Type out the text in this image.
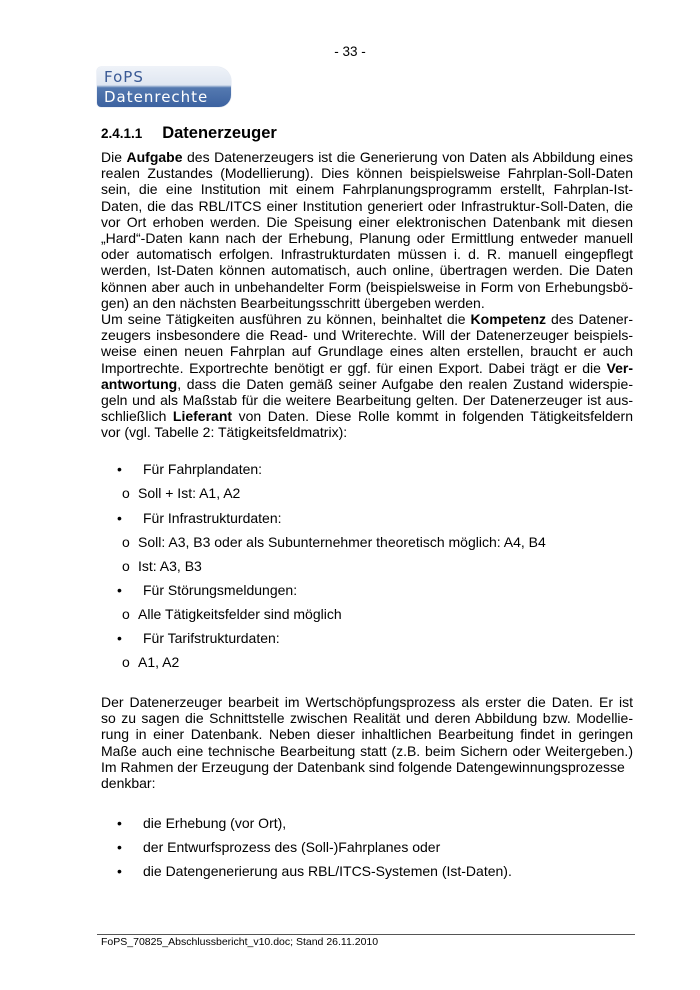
- 33 -
FoPS
Datenrechte
2.4.1.1 Datenerzeuger
Die Aufgabe des Datenerzeugers ist die Generierung von Daten als Abbildung eines
realen Zustandes (Modellierung). Dies können beispielsweise Fahrplan-Soll-Daten
sein, die eine Institution mit einem Fahrplanungsprogramm erstellt, Fahrplan-Ist-
Daten, die das RBL/ITCS einer Institution generiert oder Infrastruktur-Soll-Daten, die
vor Ort erhoben werden. Die Speisung einer elektronischen Datenbank mit diesen
„Hard“-Daten kann nach der Erhebung, Planung oder Ermittlung entweder manuell
oder automatisch erfolgen. Infrastrukturdaten müssen i. d. R. manuell eingepflegt
werden, Ist-Daten können automatisch, auch online, übertragen werden. Die Daten
können aber auch in unbehandelter Form (beispielsweise in Form von Erhebungsbö-
gen) an den nächsten Bearbeitungsschritt übergeben werden.
Um seine Tätigkeiten ausführen zu können, beinhaltet die Kompetenz des Datener-
zeugers insbesondere die Read- und Writerechte. Will der Datenerzeuger beispiels-
weise einen neuen Fahrplan auf Grundlage eines alten erstellen, braucht er auch
Importrechte. Exportrechte benötigt er ggf. für einen Export. Dabei trägt er die Ver-
antwortung, dass die Daten gemäß seiner Aufgabe den realen Zustand widerspie-
geln und als Maßstab für die weitere Bearbeitung gelten. Der Datenerzeuger ist aus-
schließlich Lieferant von Daten. Diese Rolle kommt in folgenden Tätigkeitsfeldern
vor (vgl. Tabelle 2: Tätigkeitsfeldmatrix):
• Für Fahrplandaten:
o Soll + Ist: A1, A2
• Für Infrastrukturdaten:
o Soll: A3, B3 oder als Subunternehmer theoretisch möglich: A4, B4
o Ist: A3, B3
• Für Störungsmeldungen:
o Alle Tätigkeitsfelder sind möglich
• Für Tarifstrukturdaten:
o A1, A2
Der Datenerzeuger bearbeit im Wertschöpfungsprozess als erster die Daten. Er ist
so zu sagen die Schnittstelle zwischen Realität und deren Abbildung bzw. Modellie-
rung in einer Datenbank. Neben dieser inhaltlichen Bearbeitung findet in geringen
Maße auch eine technische Bearbeitung statt (z.B. beim Sichern oder Weitergeben.)
Im Rahmen der Erzeugung der Datenbank sind folgende Datengewinnungsprozesse
denkbar:
• die Erhebung (vor Ort),
• der Entwurfsprozess des (Soll-)Fahrplanes oder
• die Datengenerierung aus RBL/ITCS-Systemen (Ist-Daten).
FoPS_70825_Abschlussbericht_v10.doc; Stand 26.11.2010
